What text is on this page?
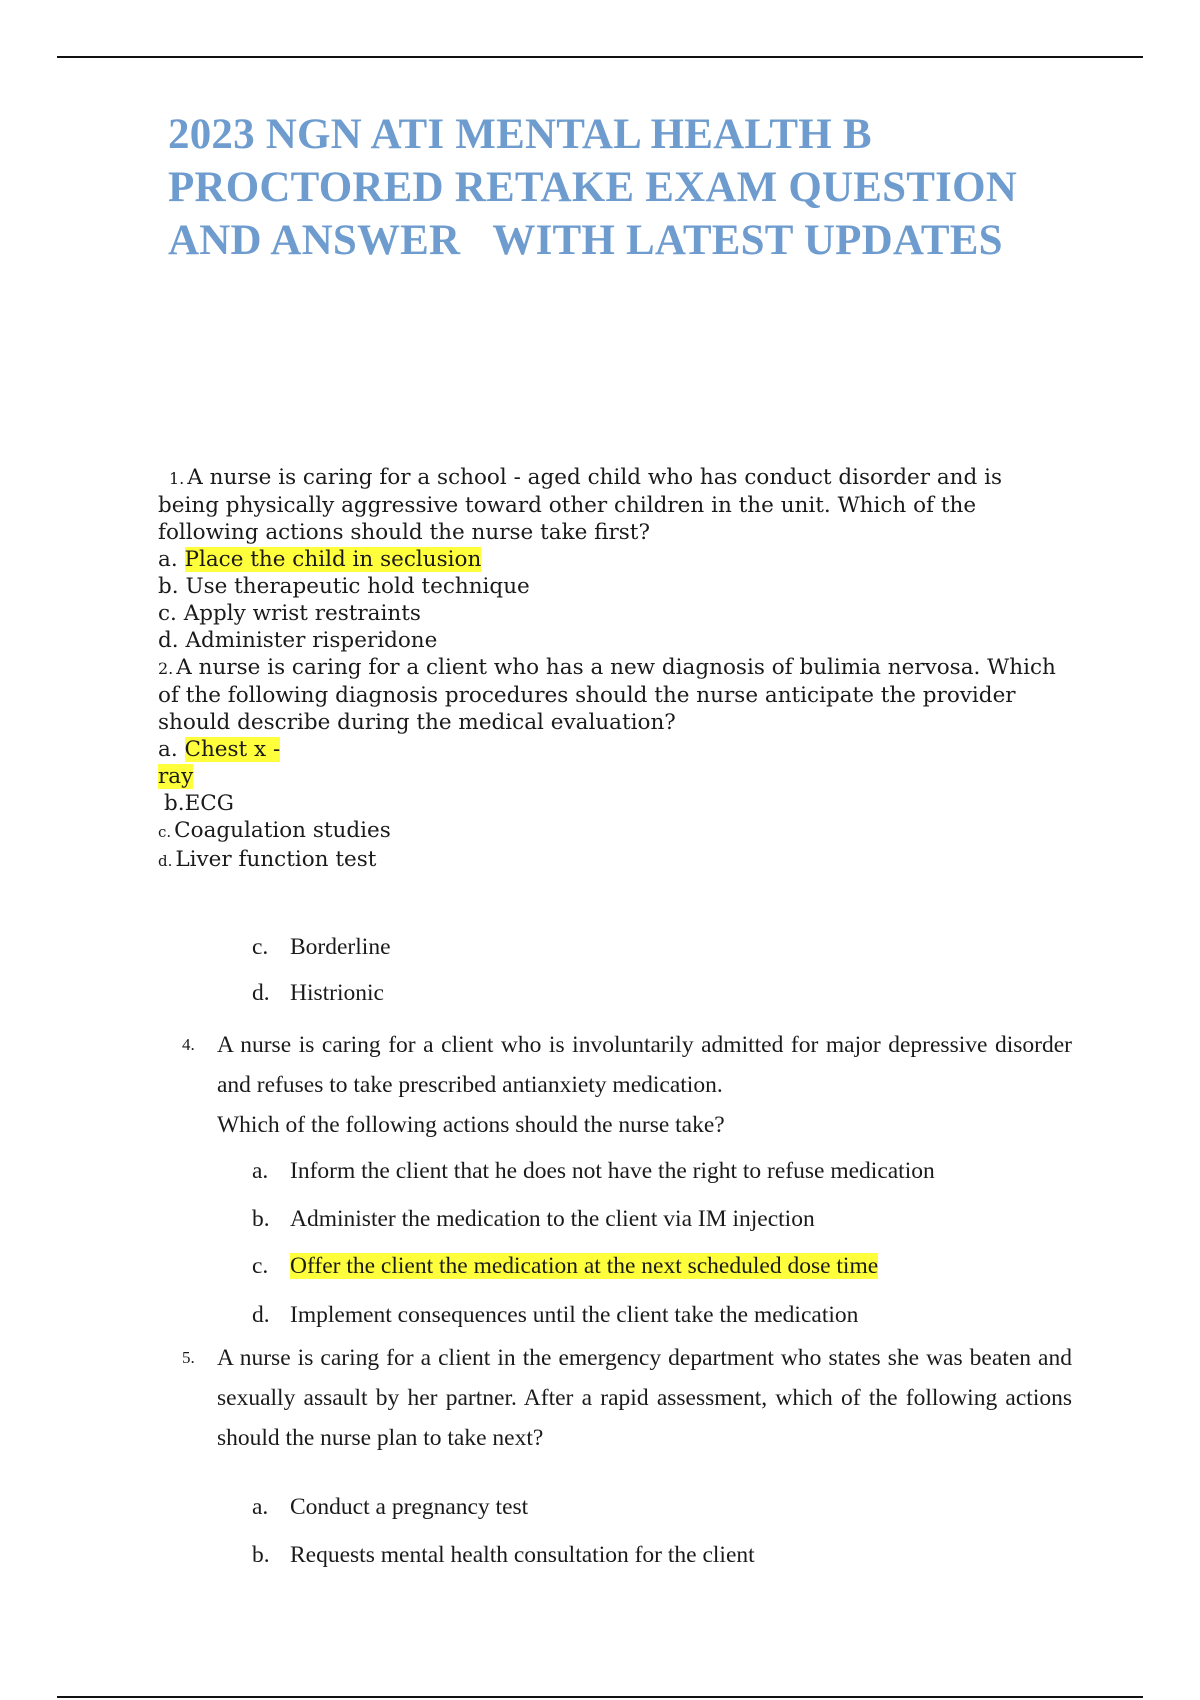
2023 NGN ATI MENTAL HEALTH B
PROCTORED RETAKE EXAM QUESTION
AND ANSWER   WITH LATEST UPDATES
1. A nurse is caring for a school - aged child who has conduct disorder and is
being physically aggressive toward other children in the unit. Which of the
following actions should the nurse take first?
a. Place the child in seclusion
b. Use therapeutic hold technique
c. Apply wrist restraints
d. Administer risperidone
2. A nurse is caring for a client who has a new diagnosis of bulimia nervosa. Which
of the following diagnosis procedures should the nurse anticipate the provider
should describe during the medical evaluation?
a. Chest x -
ray
b.ECG
c. Coagulation studies
d. Liver function test
c. Borderline
d. Histrionic
4. A nurse is caring for a client who is involuntarily admitted for major depressive disorder and refuses to take prescribed antianxiety medication.
Which of the following actions should the nurse take?
a. Inform the client that he does not have the right to refuse medication
b. Administer the medication to the client via IM injection
c. Offer the client the medication at the next scheduled dose time
d. Implement consequences until the client take the medication
5. A nurse is caring for a client in the emergency department who states she was beaten and sexually assault by her partner. After a rapid assessment, which of the following actions should the nurse plan to take next?
a. Conduct a pregnancy test
b. Requests mental health consultation for the client
